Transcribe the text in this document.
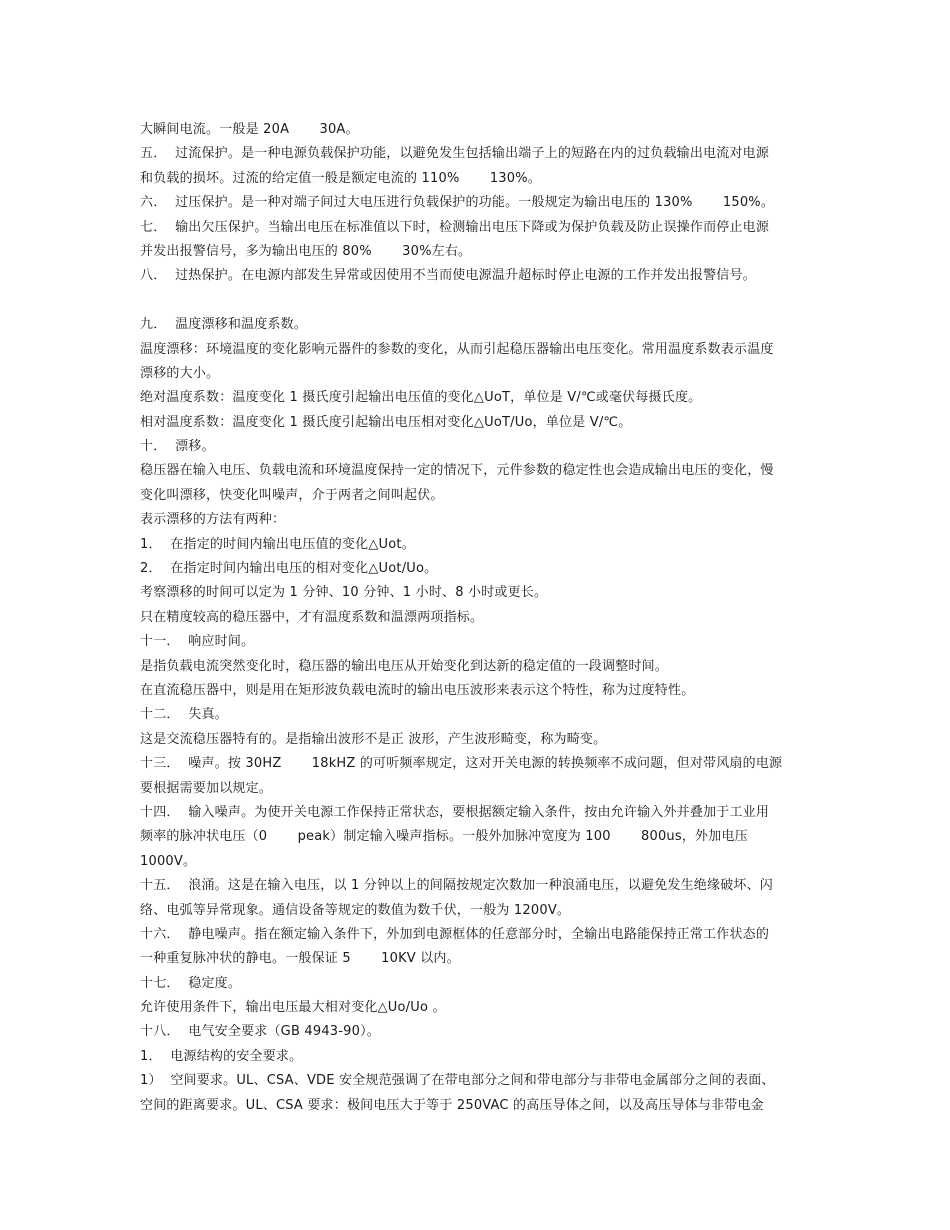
大瞬间电流。一般是 20A       30A。
五．  过流保护。是一种电源负载保护功能，以避免发生包括输出端子上的短路在内的过负载输出电流对电源
和负载的损坏。过流的给定值一般是额定电流的 110%       130%。
六．  过压保护。是一种对端子间过大电压进行负载保护的功能。一般规定为输出电压的 130%       150%。
七．  输出欠压保护。当输出电压在标准值以下时，检测输出电压下降或为保护负载及防止误操作而停止电源
并发出报警信号，多为输出电压的 80%       30%左右。
八．  过热保护。在电源内部发生异常或因使用不当而使电源温升超标时停止电源的工作并发出报警信号。
九．  温度漂移和温度系数。
温度漂移：环境温度的变化影响元器件的参数的变化，从而引起稳压器输出电压变化。常用温度系数表示温度
漂移的大小。
绝对温度系数：温度变化 1 摄氏度引起输出电压值的变化△UoT，单位是 V/℃或毫伏每摄氏度。
相对温度系数：温度变化 1 摄氏度引起输出电压相对变化△UoT/Uo，单位是 V/℃。
十．  漂移。
稳压器在输入电压、负载电流和环境温度保持一定的情况下，元件参数的稳定性也会造成输出电压的变化，慢
变化叫漂移，快变化叫噪声，介于两者之间叫起伏。
表示漂移的方法有两种：
1．  在指定的时间内输出电压值的变化△Uot。
2．  在指定时间内输出电压的相对变化△Uot/Uo。
考察漂移的时间可以定为 1 分钟、10 分钟、1 小时、8 小时或更长。
只在精度较高的稳压器中，才有温度系数和温漂两项指标。
十一．  响应时间。
是指负载电流突然变化时，稳压器的输出电压从开始变化到达新的稳定值的一段调整时间。
在直流稳压器中，则是用在矩形波负载电流时的输出电压波形来表示这个特性，称为过度特性。
十二．  失真。
这是交流稳压器特有的。是指输出波形不是正 波形，产生波形畸变，称为畸变。
十三．  噪声。按 30HZ       18kHZ 的可听频率规定，这对开关电源的转换频率不成问题，但对带风扇的电源
要根据需要加以规定。
十四．  输入噪声。为使开关电源工作保持正常状态，要根据额定输入条件，按由允许输入外并叠加于工业用
频率的脉冲状电压（0       peak）制定输入噪声指标。一般外加脉冲宽度为 100       800us，外加电压
1000V。
十五．  浪涌。这是在输入电压，以 1 分钟以上的间隔按规定次数加一种浪涌电压，以避免发生绝缘破坏、闪
络、电弧等异常现象。通信设备等规定的数值为数千伏，一般为 1200V。
十六．  静电噪声。指在额定输入条件下，外加到电源框体的任意部分时，全输出电路能保持正常工作状态的
一种重复脉冲状的静电。一般保证 5       10KV 以内。
十七．  稳定度。
允许使用条件下，输出电压最大相对变化△Uo/Uo 。
十八．  电气安全要求（GB 4943-90）。
1．  电源结构的安全要求。
1）  空间要求。UL、CSA、VDE 安全规范强调了在带电部分之间和带电部分与非带电金属部分之间的表面、
空间的距离要求。UL、CSA 要求：极间电压大于等于 250VAC 的高压导体之间，以及高压导体与非带电金
